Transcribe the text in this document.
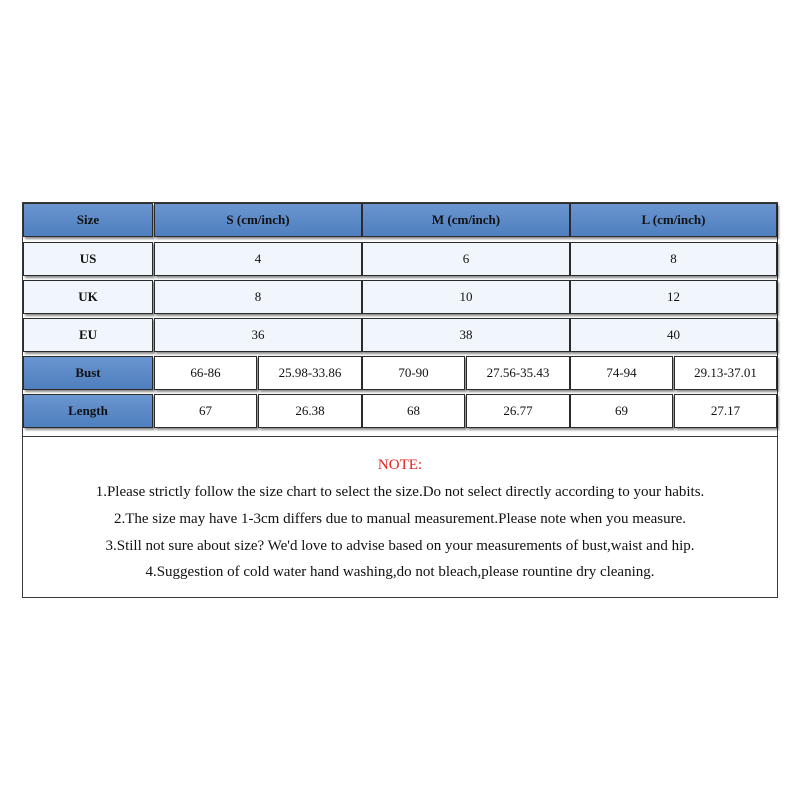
Size	S (cm/inch)	M (cm/inch)	L (cm/inch)
US	4	6	8
UK	8	10	12
EU	36	38	40
Bust	66-86	25.98-33.86	70-90	27.56-35.43	74-94	29.13-37.01
Length	67	26.38	68	26.77	69	27.17
NOTE:
1.Please strictly follow the size chart to select the size.Do not select directly according to your habits.
2.The size may have 1-3cm differs due to manual measurement.Please note when you measure.
3.Still not sure about size? We'd love to advise based on your measurements of bust,waist and hip.
4.Suggestion of cold water hand washing,do not bleach,please rountine dry cleaning.
